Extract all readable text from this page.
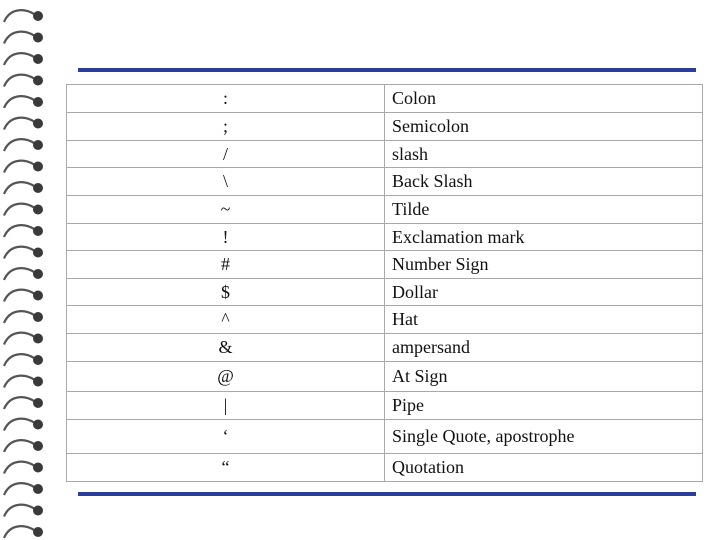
:	Colon
;	Semicolon
/	slash
\	Back Slash
~	Tilde
!	Exclamation mark
#	Number Sign
$	Dollar
^	Hat
&	ampersand
@	At Sign
|	Pipe
‘	Single Quote, apostrophe
“	Quotation
